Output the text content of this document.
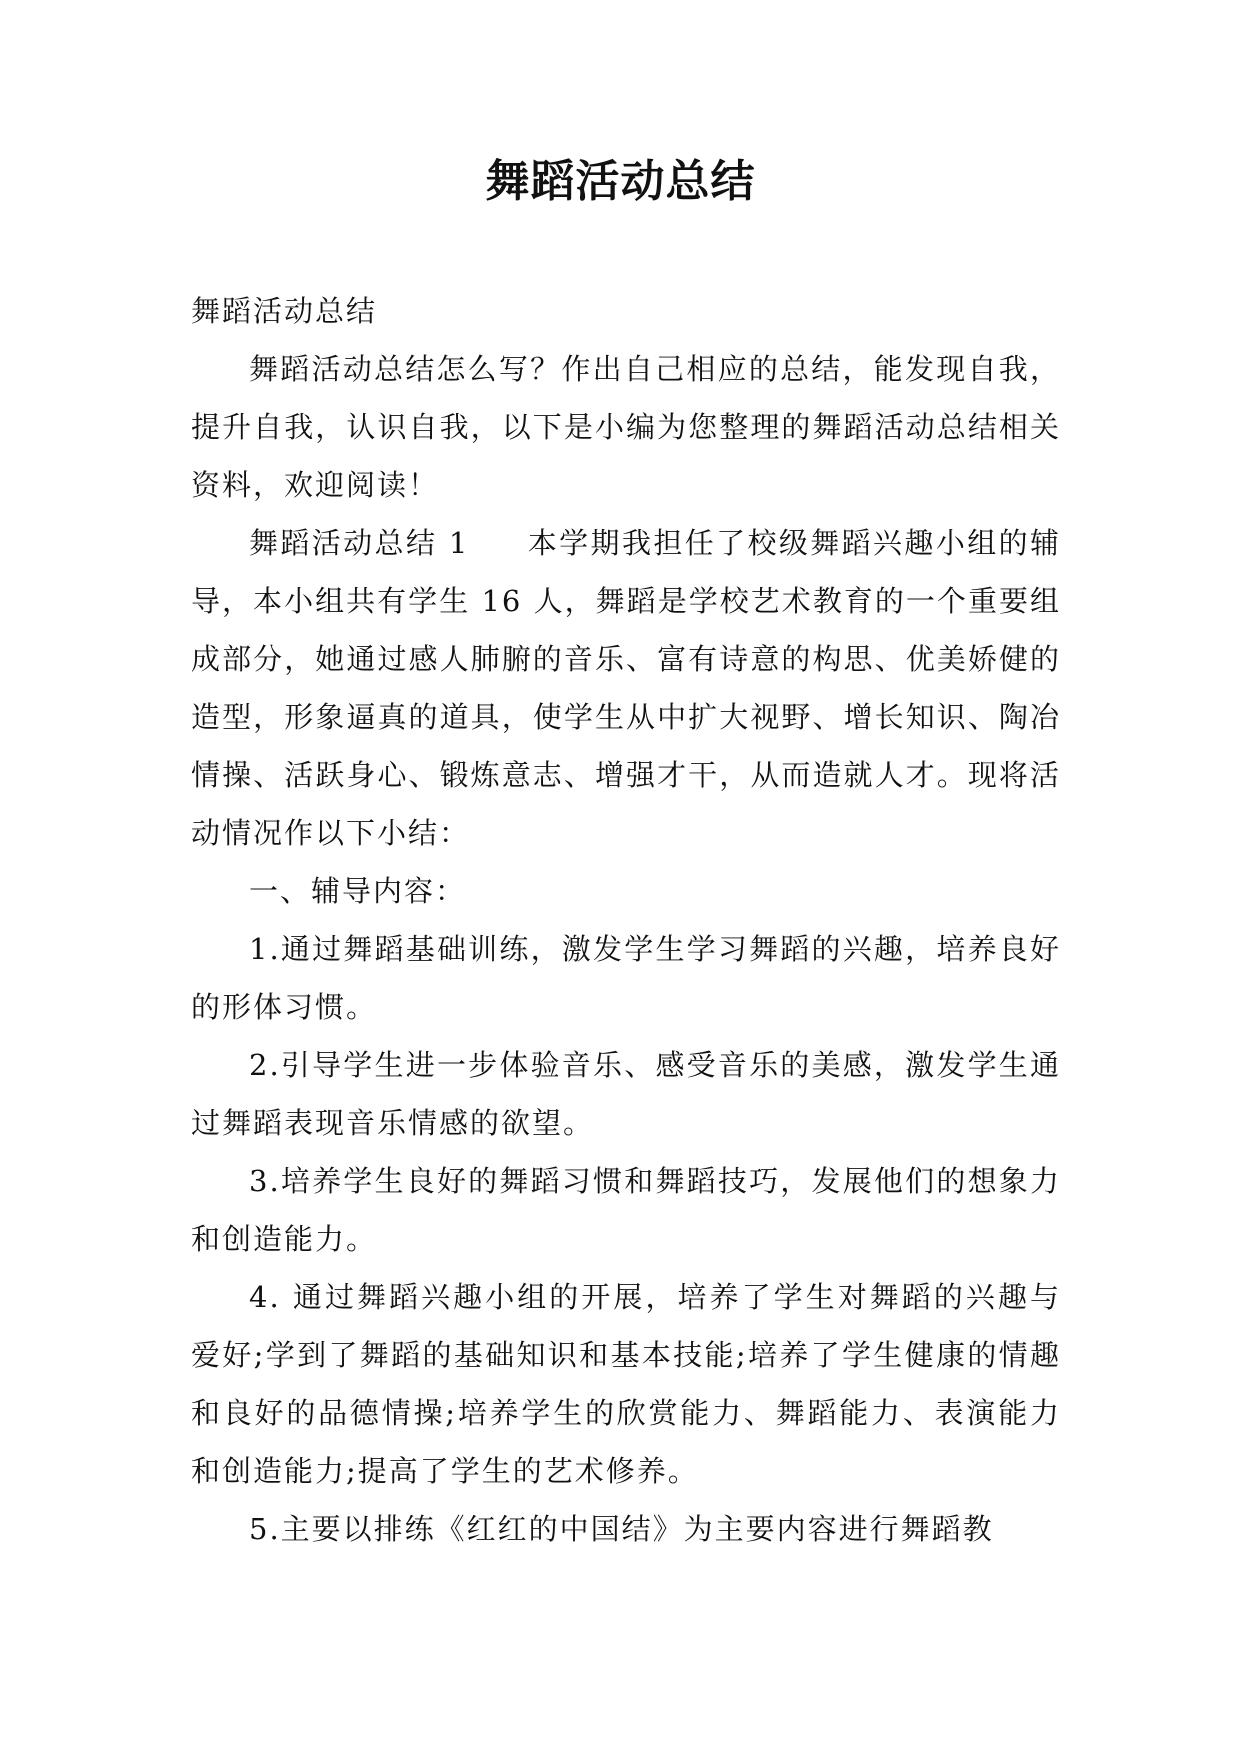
舞蹈活动总结

舞蹈活动总结

舞蹈活动总结怎么写？作出自己相应的总结，能发现自我，提升自我，认识自我，以下是小编为您整理的舞蹈活动总结相关资料，欢迎阅读！

舞蹈活动总结 1 本学期我担任了校级舞蹈兴趣小组的辅导，本小组共有学生 16 人，舞蹈是学校艺术教育的一个重要组成部分，她通过感人肺腑的音乐、富有诗意的构思、优美娇健的造型，形象逼真的道具，使学生从中扩大视野、增长知识、陶冶情操、活跃身心、锻炼意志、增强才干，从而造就人才。现将活动情况作以下小结：

一、辅导内容：

1.通过舞蹈基础训练，激发学生学习舞蹈的兴趣，培养良好的形体习惯。

2.引导学生进一步体验音乐、感受音乐的美感，激发学生通过舞蹈表现音乐情感的欲望。

3.培养学生良好的舞蹈习惯和舞蹈技巧，发展他们的想象力和创造能力。

4. 通过舞蹈兴趣小组的开展，培养了学生对舞蹈的兴趣与爱好;学到了舞蹈的基础知识和基本技能;培养了学生健康的情趣和良好的品德情操;培养学生的欣赏能力、舞蹈能力、表演能力和创造能力;提高了学生的艺术修养。

5.主要以排练《红红的中国结》为主要内容进行舞蹈教
